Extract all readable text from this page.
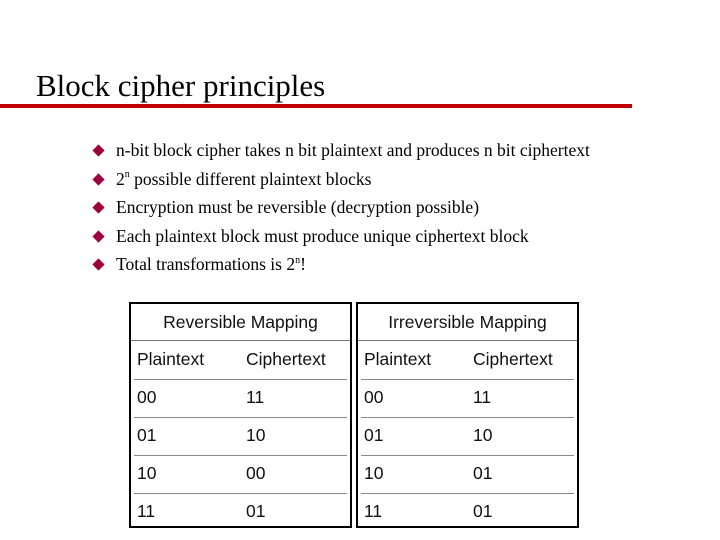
Block cipher principles
n-bit block cipher takes n bit plaintext and produces n bit ciphertext
2$^n$ possible different plaintext blocks
Encryption must be reversible (decryption possible)
Each plaintext block must produce unique ciphertext block
Total transformations is 2$^n$!
Reversible Mapping
Plaintext Ciphertext
00	11
01	10
10	00
11	01
Irreversible Mapping
Plaintext Ciphertext
00	11
01	10
10	01
11	01
